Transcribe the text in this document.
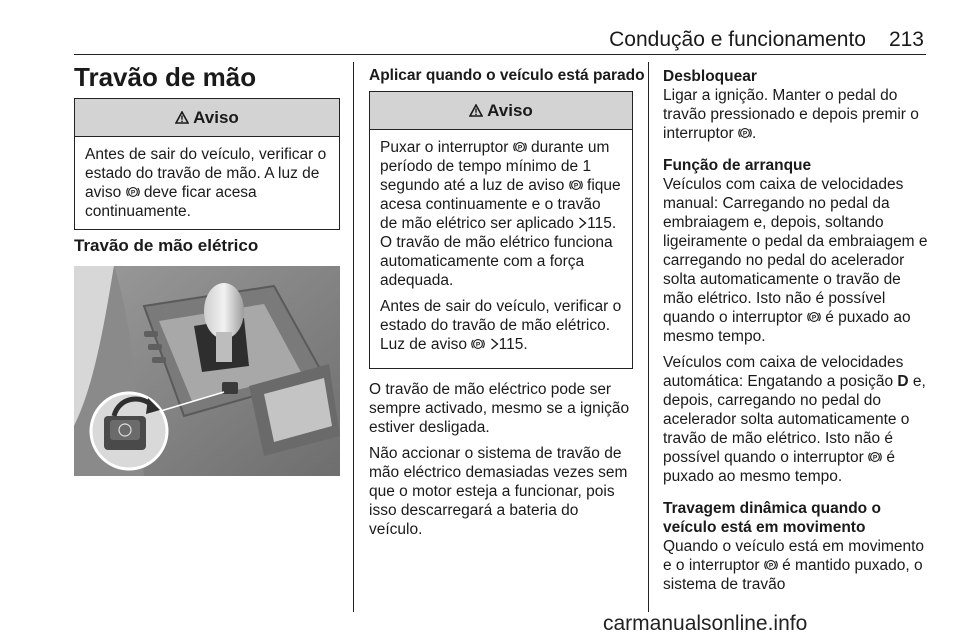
Condução e funcionamento 213
Travão de mão
Aviso

Antes de sair do veículo, verificar o estado do travão de mão. A luz de aviso P deve ficar acesa continuamente.

Travão de mão elétrico
Aplicar quando o veículo está parado
Aviso

Puxar o interruptor P durante um período de tempo mínimo de 1 segundo até a luz de aviso P fique acesa continuamente e o travão de mão elétrico ser aplicado 115. O travão de mão elétrico funciona automaticamente com a força adequada.

Antes de sair do veículo, verificar o estado do travão de mão elétrico. Luz de aviso P 115.

O travão de mão eléctrico pode ser sempre activado, mesmo se a ignição estiver desligada.

Não accionar o sistema de travão de mão eléctrico demasiadas vezes sem que o motor esteja a funcionar, pois isso descarregará a bateria do veículo.

Desbloquear
Ligar a ignição. Manter o pedal do travão pressionado e depois premir o interruptor P .

Função de arranque
Veículos com caixa de velocidades manual: Carregando no pedal da embraiagem e, depois, soltando ligeiramente o pedal da embraiagem e carregando no pedal do acelerador solta automaticamente o travão de mão elétrico. Isto não é possível quando o interruptor P é puxado ao mesmo tempo.

Veículos com caixa de velocidades automática: Engatando a posição D e, depois, carregando no pedal do acelerador solta automaticamente o travão de mão elétrico. Isto não é possível quando o interruptor P é puxado ao mesmo tempo.

Travagem dinâmica quando o veículo está em movimento
Quando o veículo está em movimento e o interruptor P é mantido puxado, o sistema de travão

carmanualsonline.info
